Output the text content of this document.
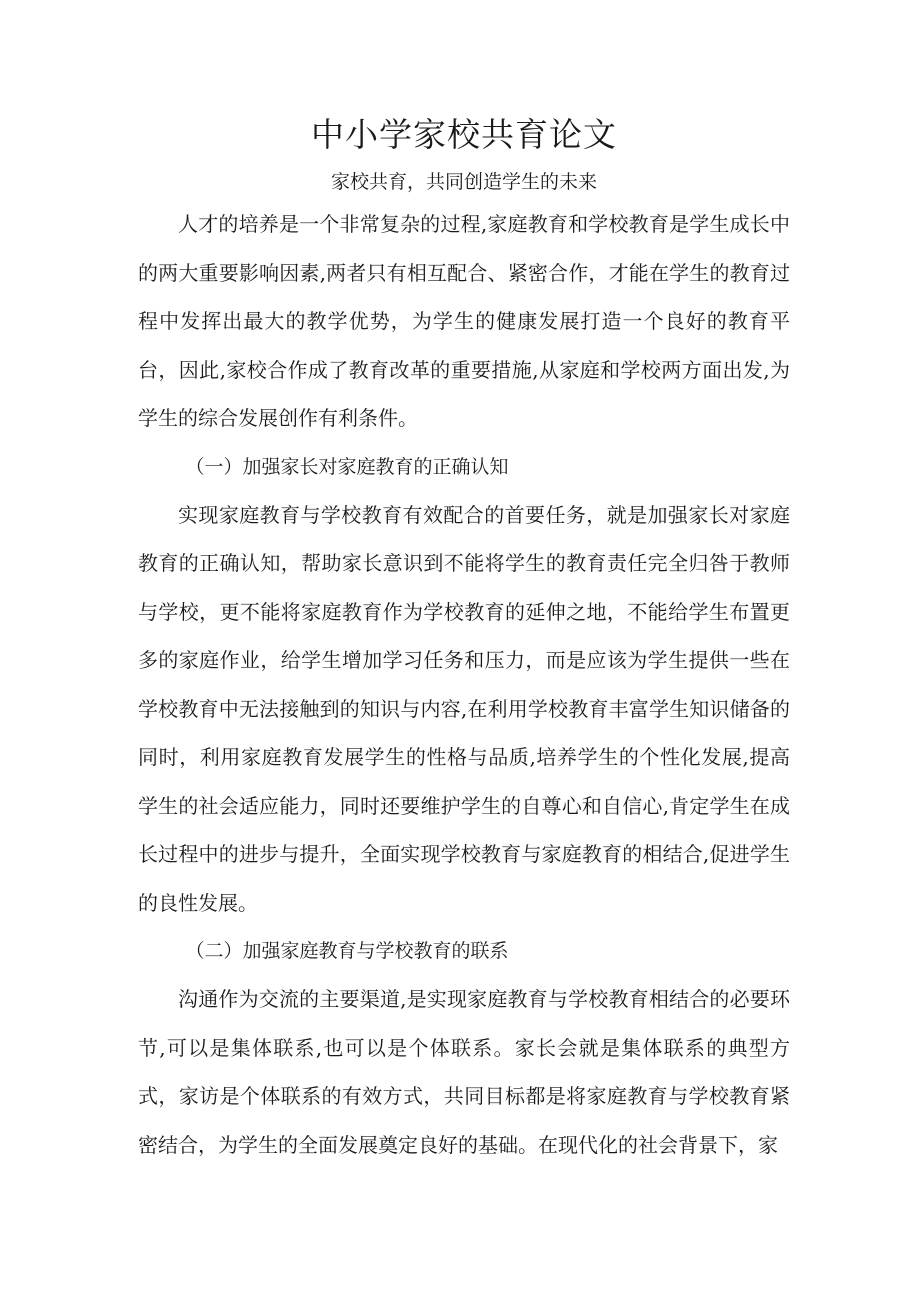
中小学家校共育论文
家校共育，共同创造学生的未来

人才的培养是一个非常复杂的过程,家庭教育和学校教育是学生成长中的两大重要影响因素,两者只有相互配合、紧密合作，才能在学生的教育过程中发挥出最大的教学优势，为学生的健康发展打造一个良好的教育平台，因此,家校合作成了教育改革的重要措施,从家庭和学校两方面出发,为学生的综合发展创作有利条件。

（一）加强家长对家庭教育的正确认知

实现家庭教育与学校教育有效配合的首要任务，就是加强家长对家庭教育的正确认知，帮助家长意识到不能将学生的教育责任完全归咎于教师与学校，更不能将家庭教育作为学校教育的延伸之地，不能给学生布置更多的家庭作业，给学生增加学习任务和压力，而是应该为学生提供一些在学校教育中无法接触到的知识与内容,在利用学校教育丰富学生知识储备的同时，利用家庭教育发展学生的性格与品质,培养学生的个性化发展,提高学生的社会适应能力，同时还要维护学生的自尊心和自信心,肯定学生在成长过程中的进步与提升，全面实现学校教育与家庭教育的相结合,促进学生的良性发展。

（二）加强家庭教育与学校教育的联系

沟通作为交流的主要渠道,是实现家庭教育与学校教育相结合的必要环节,可以是集体联系,也可以是个体联系。家长会就是集体联系的典型方式，家访是个体联系的有效方式，共同目标都是将家庭教育与学校教育紧密结合，为学生的全面发展奠定良好的基础。在现代化的社会背景下，家
